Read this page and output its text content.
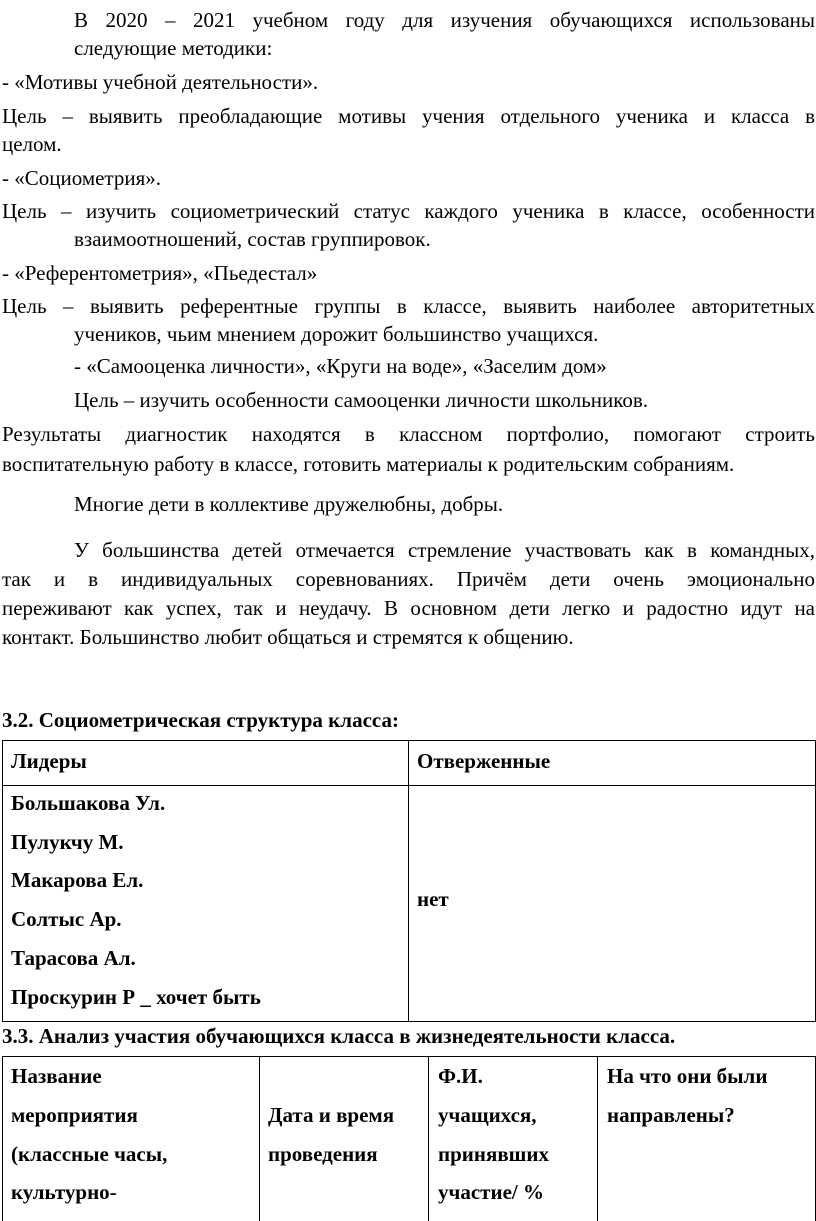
В 2020 – 2021 учебном году для изучения обучающихся использованы
следующие методики:
- «Мотивы учебной деятельности».
Цель – выявить преобладающие мотивы учения отдельного ученика и класса в
целом.
- «Социометрия».
Цель – изучить социометрический статус каждого ученика в классе, особенности
взаимоотношений, состав группировок.
- «Референтометрия», «Пьедестал»
Цель – выявить референтные группы в классе, выявить наиболее авторитетных
учеников, чьим мнением дорожит большинство учащихся.
- «Самооценка личности», «Круги на воде», «Заселим дом»
Цель – изучить особенности самооценки личности школьников.
Результаты диагностик находятся в классном портфолио, помогают строить
воспитательную работу в классе, готовить материалы к родительским собраниям.
Многие дети в коллективе дружелюбны, добры.
У большинства детей отмечается стремление участвовать как в командных,
так и в индивидуальных соревнованиях. Причём дети очень эмоционально
переживают как успех, так и неудачу. В основном дети легко и радостно идут на
контакт. Большинство любит общаться и стремятся к общению.
3.2. Социометрическая структура класса:
Лидеры	Отверженные
Большакова Ул.
Пулукчу М.
Макарова Ел.
Солтыс Ар.
Тарасова Ал.
Проскурин Р _ хочет быть
нет
3.3. Анализ участия обучающихся класса в жизнедеятельности класса.
Название
мероприятия
(классные часы,
культурно-
Дата и время
проведения
Ф.И.
учащихся,
принявших
участие/ %
На что они были
направлены?
